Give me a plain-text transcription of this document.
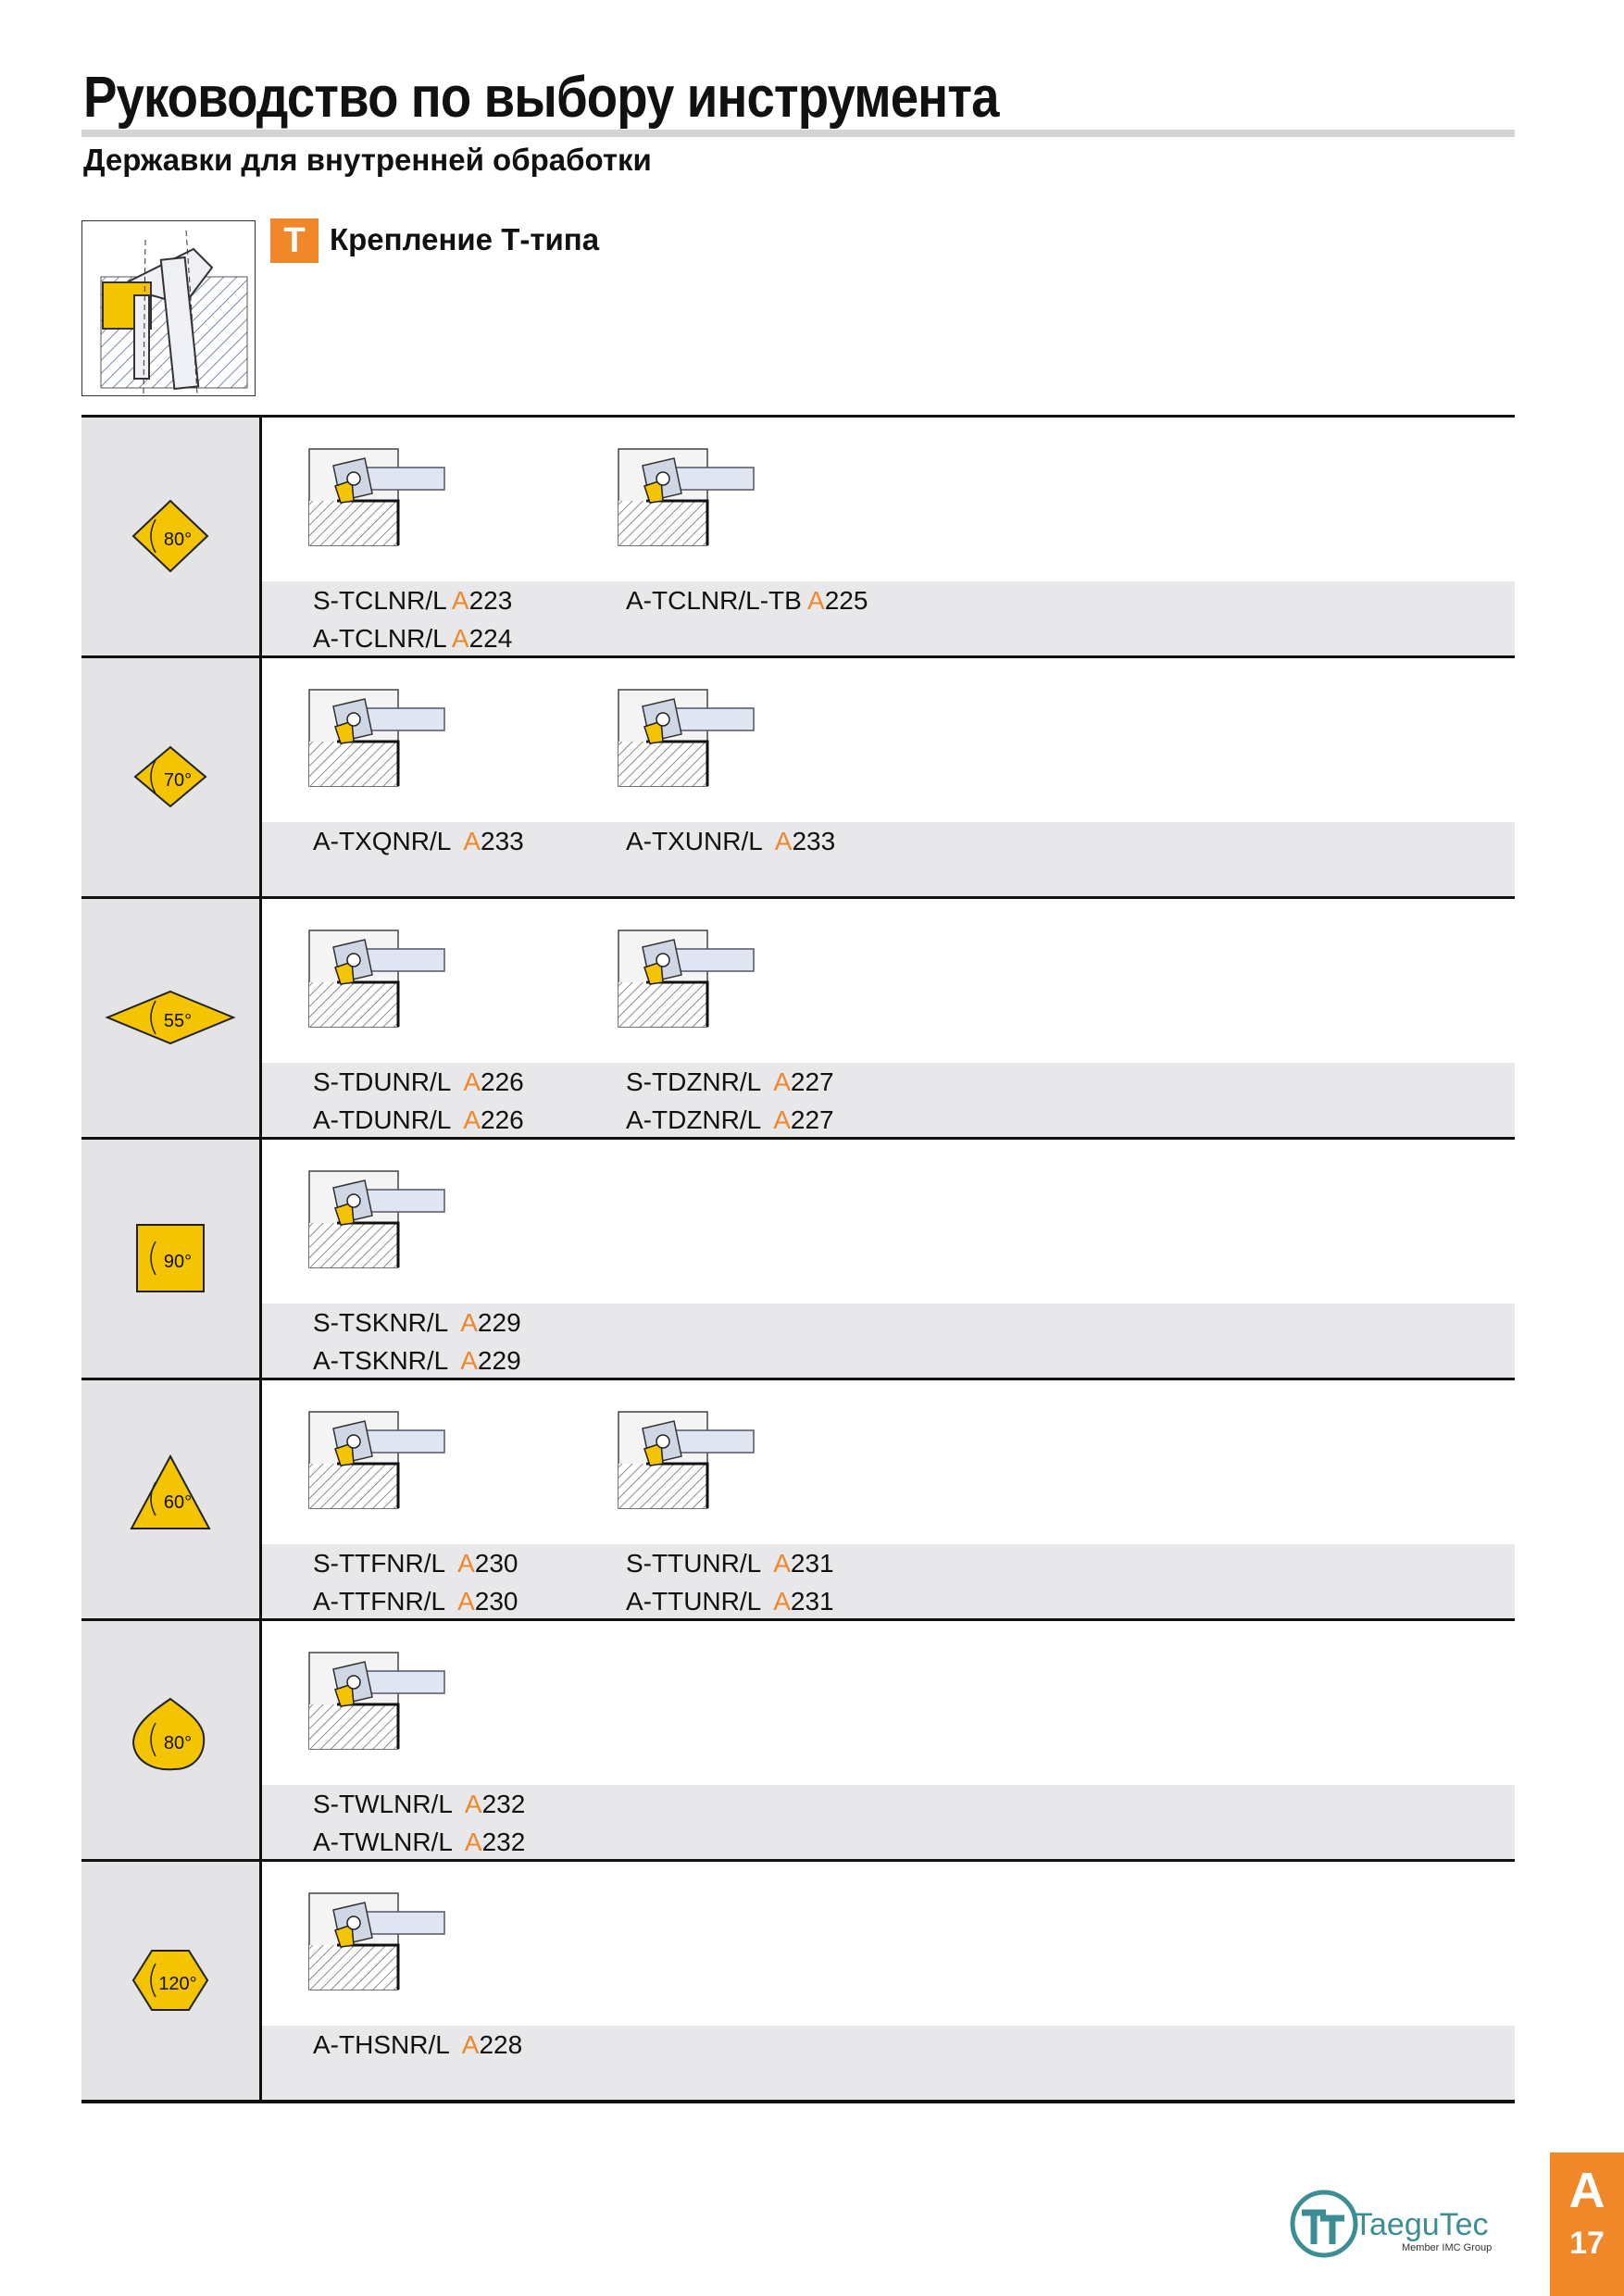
Руководство по выбору инструмента
Державки для внутренней обработки
T Крепление Т-типа
80°
S-TCLNR/L A223
A-TCLNR/L A224
A-TCLNR/L-TB A225
70°
A-TXQNR/L  A233	A-TXUNR/L  A233
55°
S-TDUNR/L  A226
A-TDUNR/L  A226
S-TDZNR/L  A227
A-TDZNR/L  A227
90°
S-TSKNR/L  A229
A-TSKNR/L  A229
60°
S-TTFNR/L  A230
A-TTFNR/L  A230
S-TTUNR/L  A231
A-TTUNR/L  A231
80°
S-TWLNR/L  A232
A-TWLNR/L  A232
120°
A-THSNR/L  A228
TaeguTec
Member IMC Group
A
17
